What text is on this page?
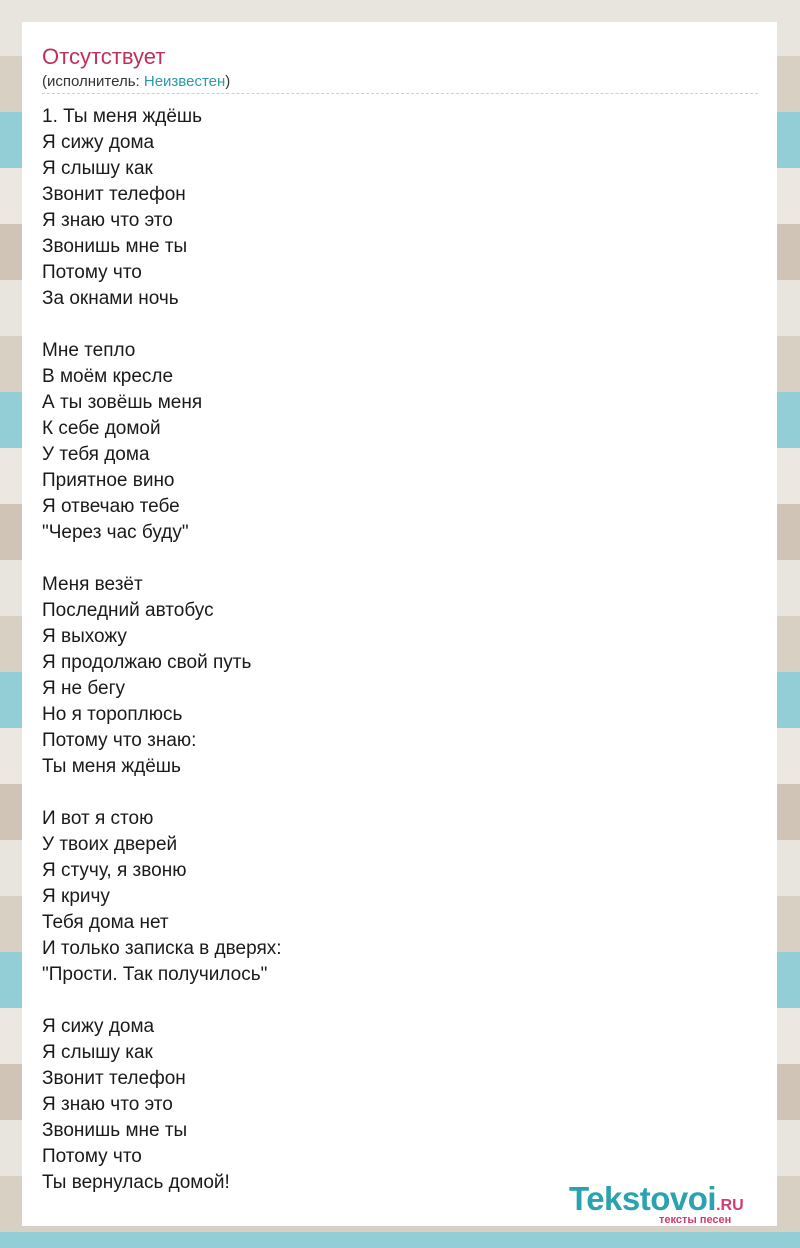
Отсутствует
(исполнитель: Неизвестен)
1. Ты меня ждёшь
Я сижу дома
Я слышу как
Звонит телефон
Я знаю что это
Звонишь мне ты
Потому что
За окнами ночь
Мне тепло
В моём кресле
А ты зовёшь меня
К себе домой
У тебя дома
Приятное вино
Я отвечаю тебе
"Через час буду"
Меня везёт
Последний автобус
Я выхожу
Я продолжаю свой путь
Я не бегу
Но я тороплюсь
Потому что знаю:
Ты меня ждёшь
И вот я стою
У твоих дверей
Я стучу, я звоню
Я кричу
Тебя дома нет
И только записка в дверях:
"Прости. Так получилось"
Я сижу дома
Я слышу как
Звонит телефон
Я знаю что это
Звонишь мне ты
Потому что
Ты вернулась домой!	Tekstovoi.RU
тексты песен
